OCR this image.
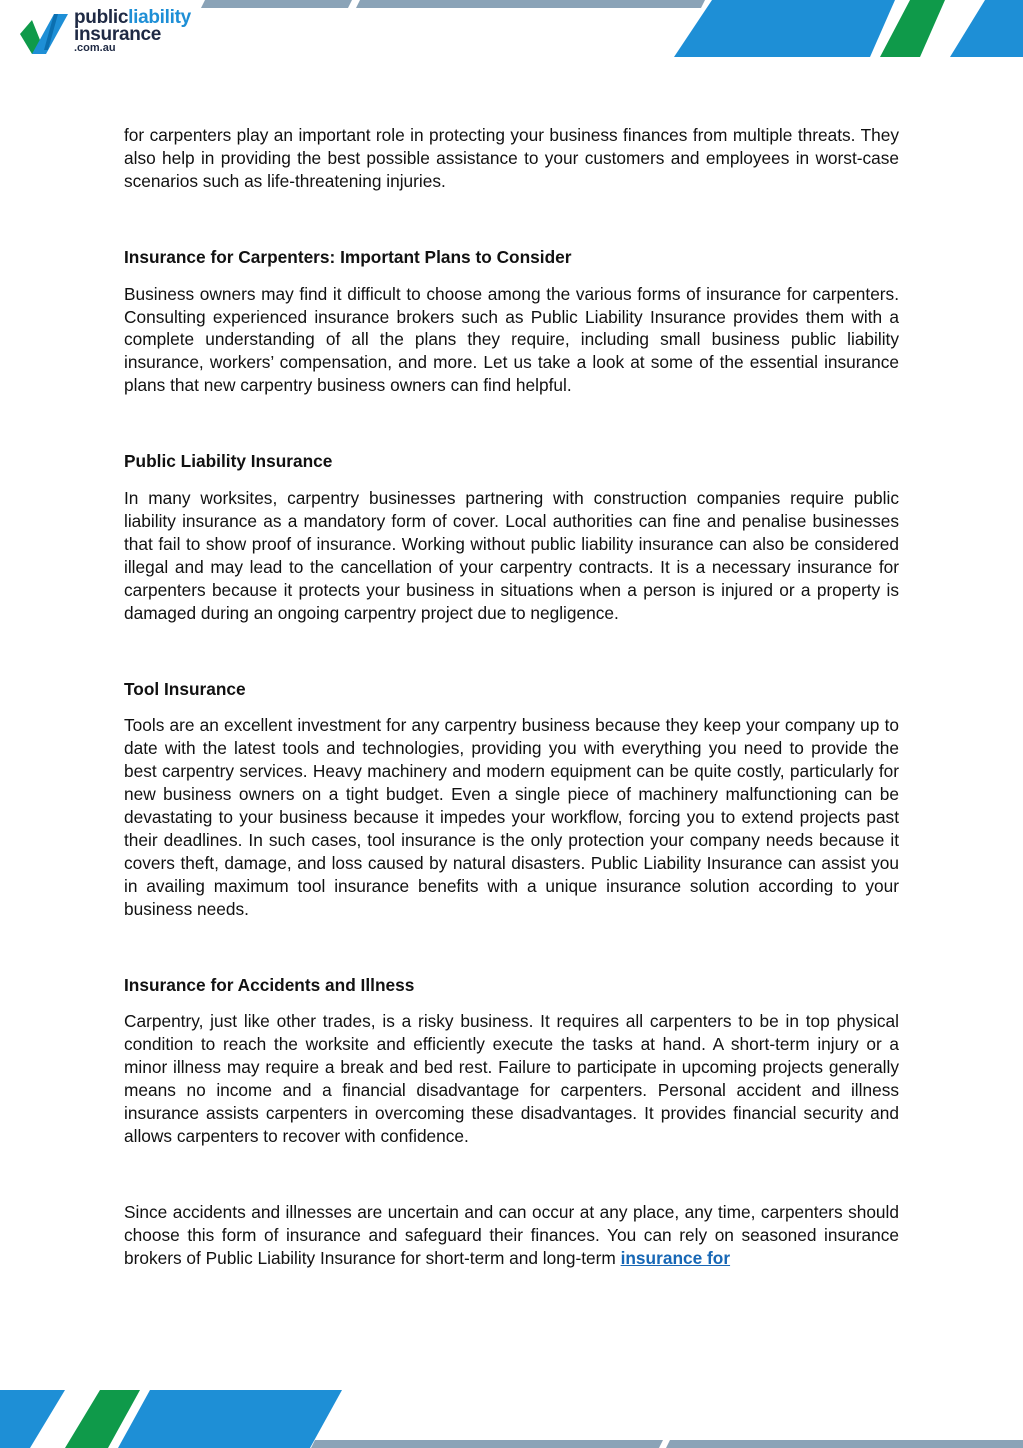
publicliability
insurance
.com.au

for carpenters play an important role in protecting your business finances from multiple threats. They also help in providing the best possible assistance to your customers and employees in worst-case scenarios such as life-threatening injuries.

Insurance for Carpenters: Important Plans to Consider

Business owners may find it difficult to choose among the various forms of insurance for carpenters. Consulting experienced insurance brokers such as Public Liability Insurance provides them with a complete understanding of all the plans they require, including small business public liability insurance, workers’ compensation, and more. Let us take a look at some of the essential insurance plans that new carpentry business owners can find helpful.

Public Liability Insurance

In many worksites, carpentry businesses partnering with construction companies require public liability insurance as a mandatory form of cover. Local authorities can fine and penalise businesses that fail to show proof of insurance. Working without public liability insurance can also be considered illegal and may lead to the cancellation of your carpentry contracts. It is a necessary insurance for carpenters because it protects your business in situations when a person is injured or a property is damaged during an ongoing carpentry project due to negligence.

Tool Insurance

Tools are an excellent investment for any carpentry business because they keep your company up to date with the latest tools and technologies, providing you with everything you need to provide the best carpentry services. Heavy machinery and modern equipment can be quite costly, particularly for new business owners on a tight budget. Even a single piece of machinery malfunctioning can be devastating to your business because it impedes your workflow, forcing you to extend projects past their deadlines. In such cases, tool insurance is the only protection your company needs because it covers theft, damage, and loss caused by natural disasters. Public Liability Insurance can assist you in availing maximum tool insurance benefits with a unique insurance solution according to your business needs.

Insurance for Accidents and Illness

Carpentry, just like other trades, is a risky business. It requires all carpenters to be in top physical condition to reach the worksite and efficiently execute the tasks at hand. A short-term injury or a minor illness may require a break and bed rest. Failure to participate in upcoming projects generally means no income and a financial disadvantage for carpenters. Personal accident and illness insurance assists carpenters in overcoming these disadvantages. It provides financial security and allows carpenters to recover with confidence.

Since accidents and illnesses are uncertain and can occur at any place, any time, carpenters should choose this form of insurance and safeguard their finances. You can rely on seasoned insurance brokers of Public Liability Insurance for short-term and long-term insurance for
